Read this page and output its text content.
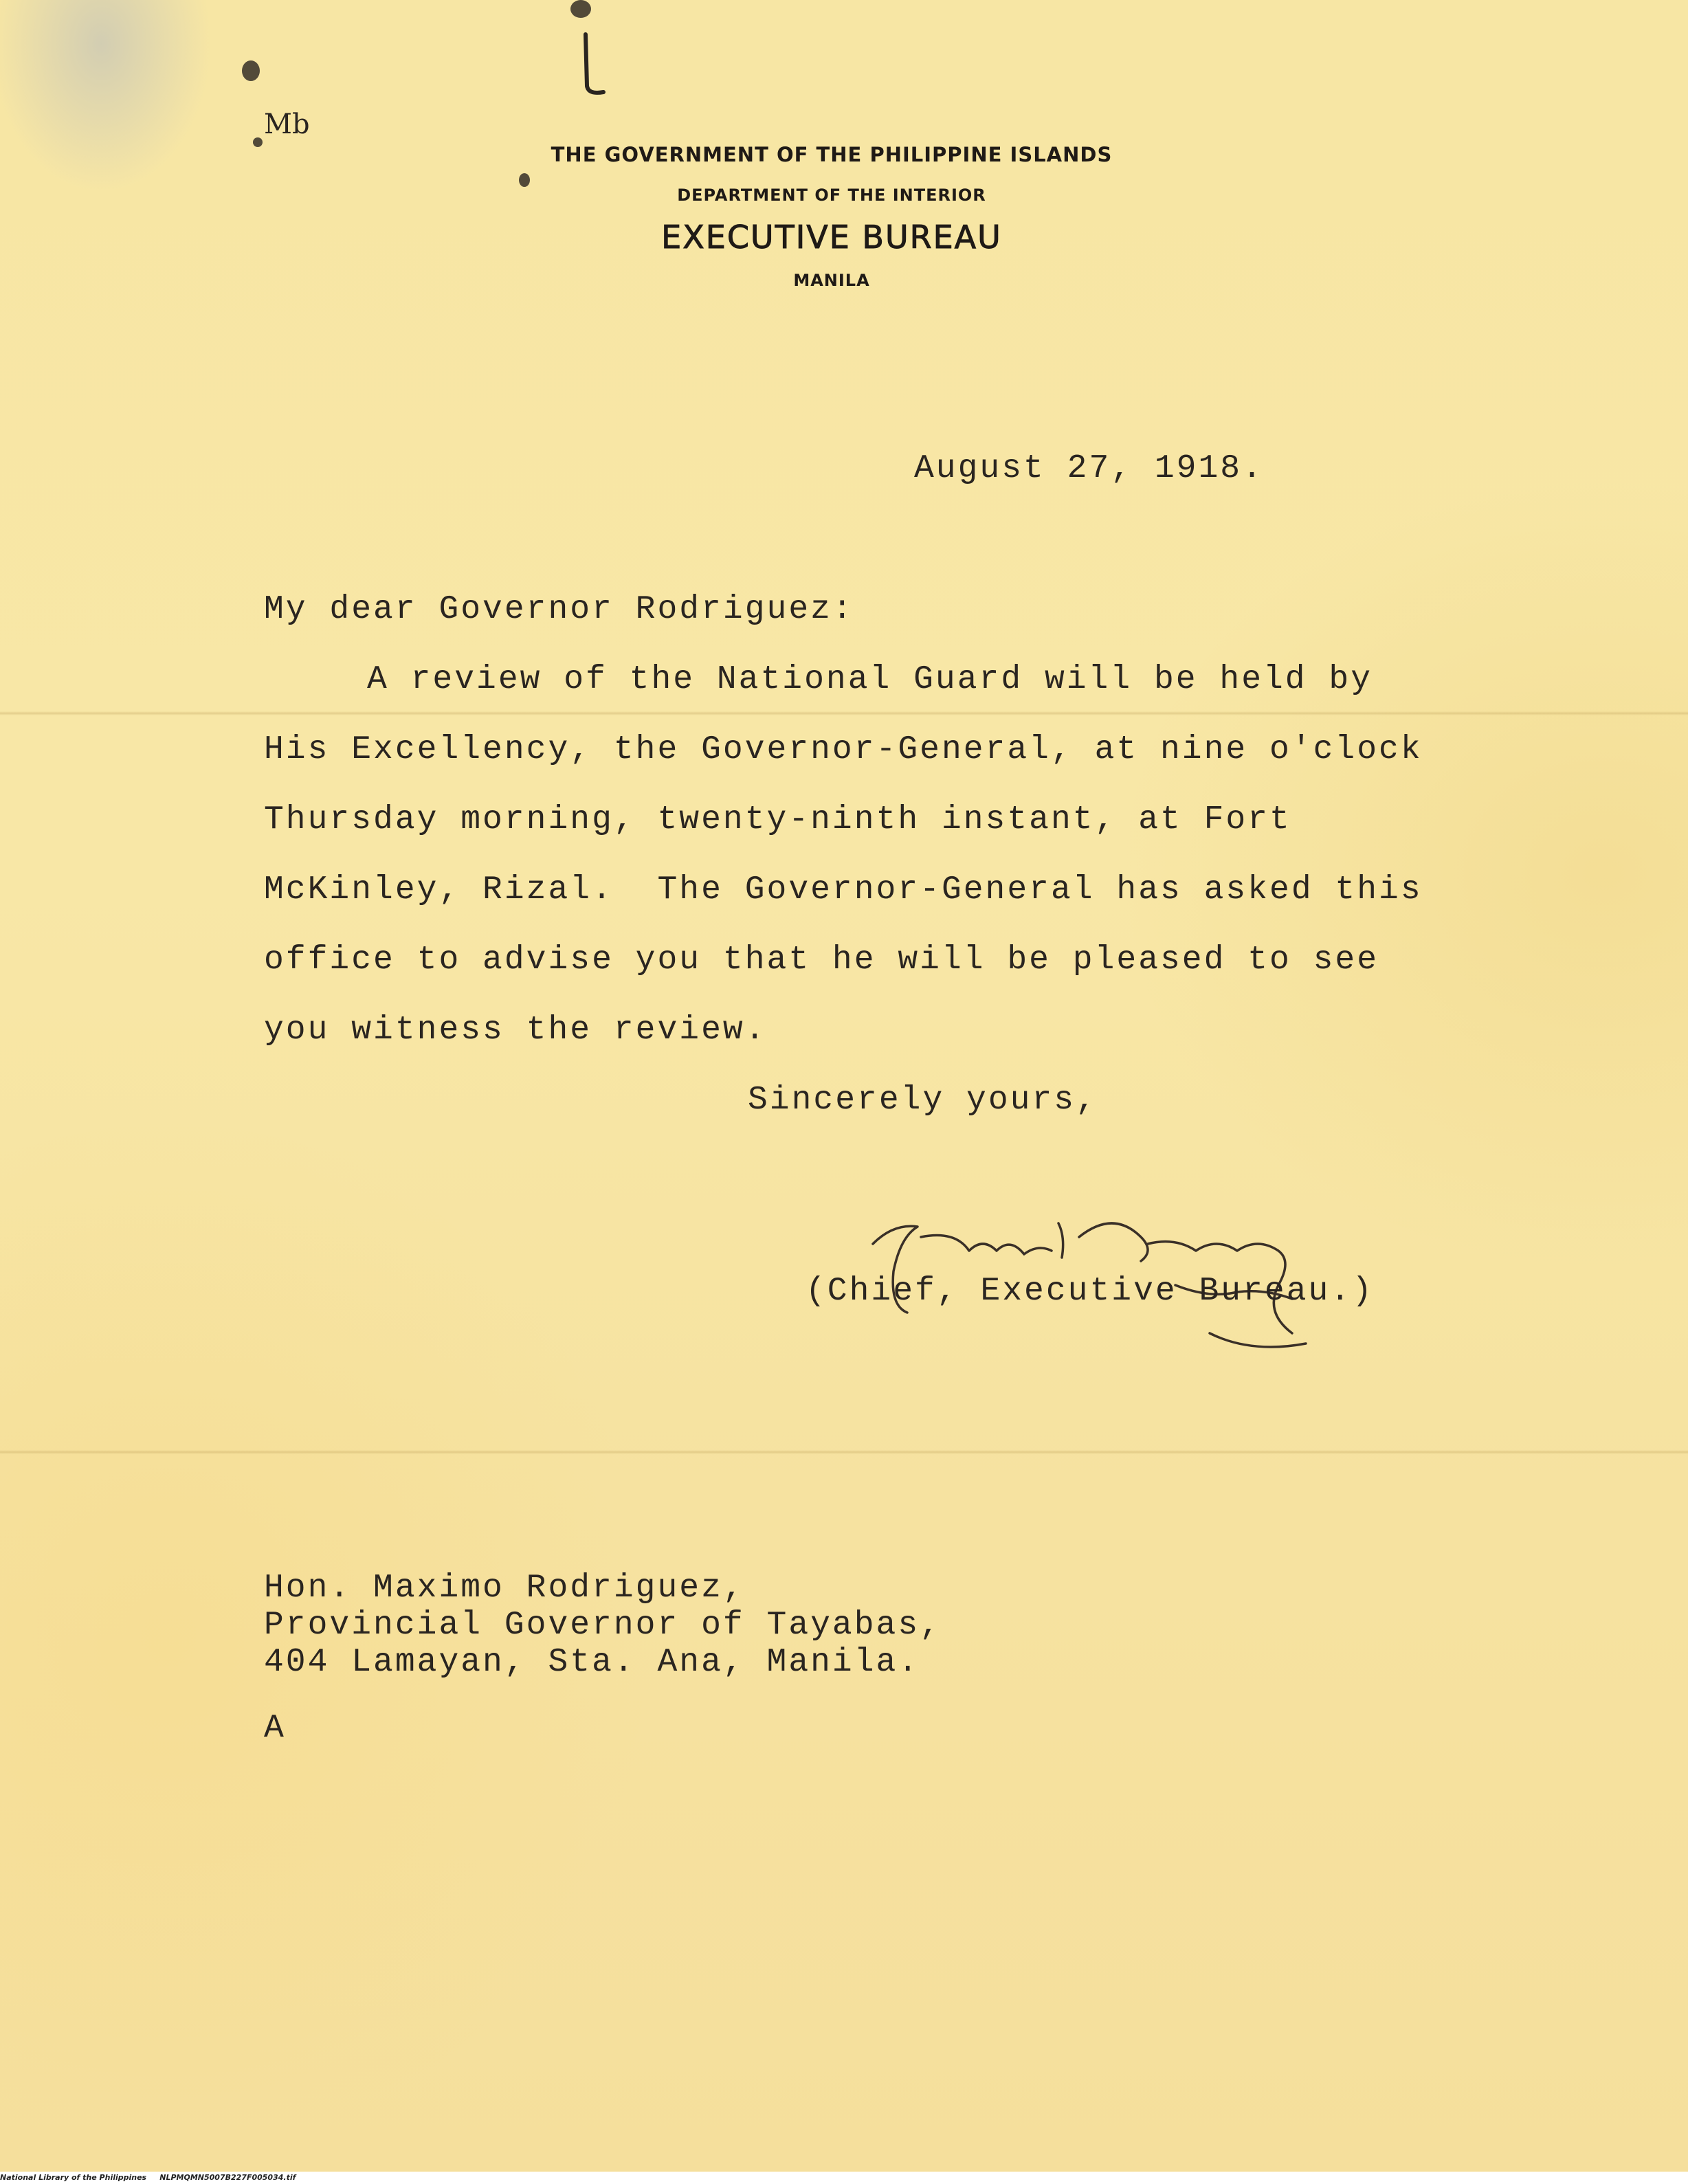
Mb
THE GOVERNMENT OF THE PHILIPPINE ISLANDS
DEPARTMENT OF THE INTERIOR
EXECUTIVE BUREAU
MANILA
August 27, 1918.
My dear Governor Rodriguez:
A review of the National Guard will be held by
His Excellency, the Governor-General, at nine o'clock
Thursday morning, twenty-ninth instant, at Fort
McKinley, Rizal.  The Governor-General has asked this
office to advise you that he will be pleased to see
you witness the review.
Sincerely yours,
(Chief, Executive Bureau.)
Hon. Maximo Rodriguez,
Provincial Governor of Tayabas,
404 Lamayan, Sta. Ana, Manila.
A
National Library of the Philippines NLPMQMN5007B227F005034.tif
